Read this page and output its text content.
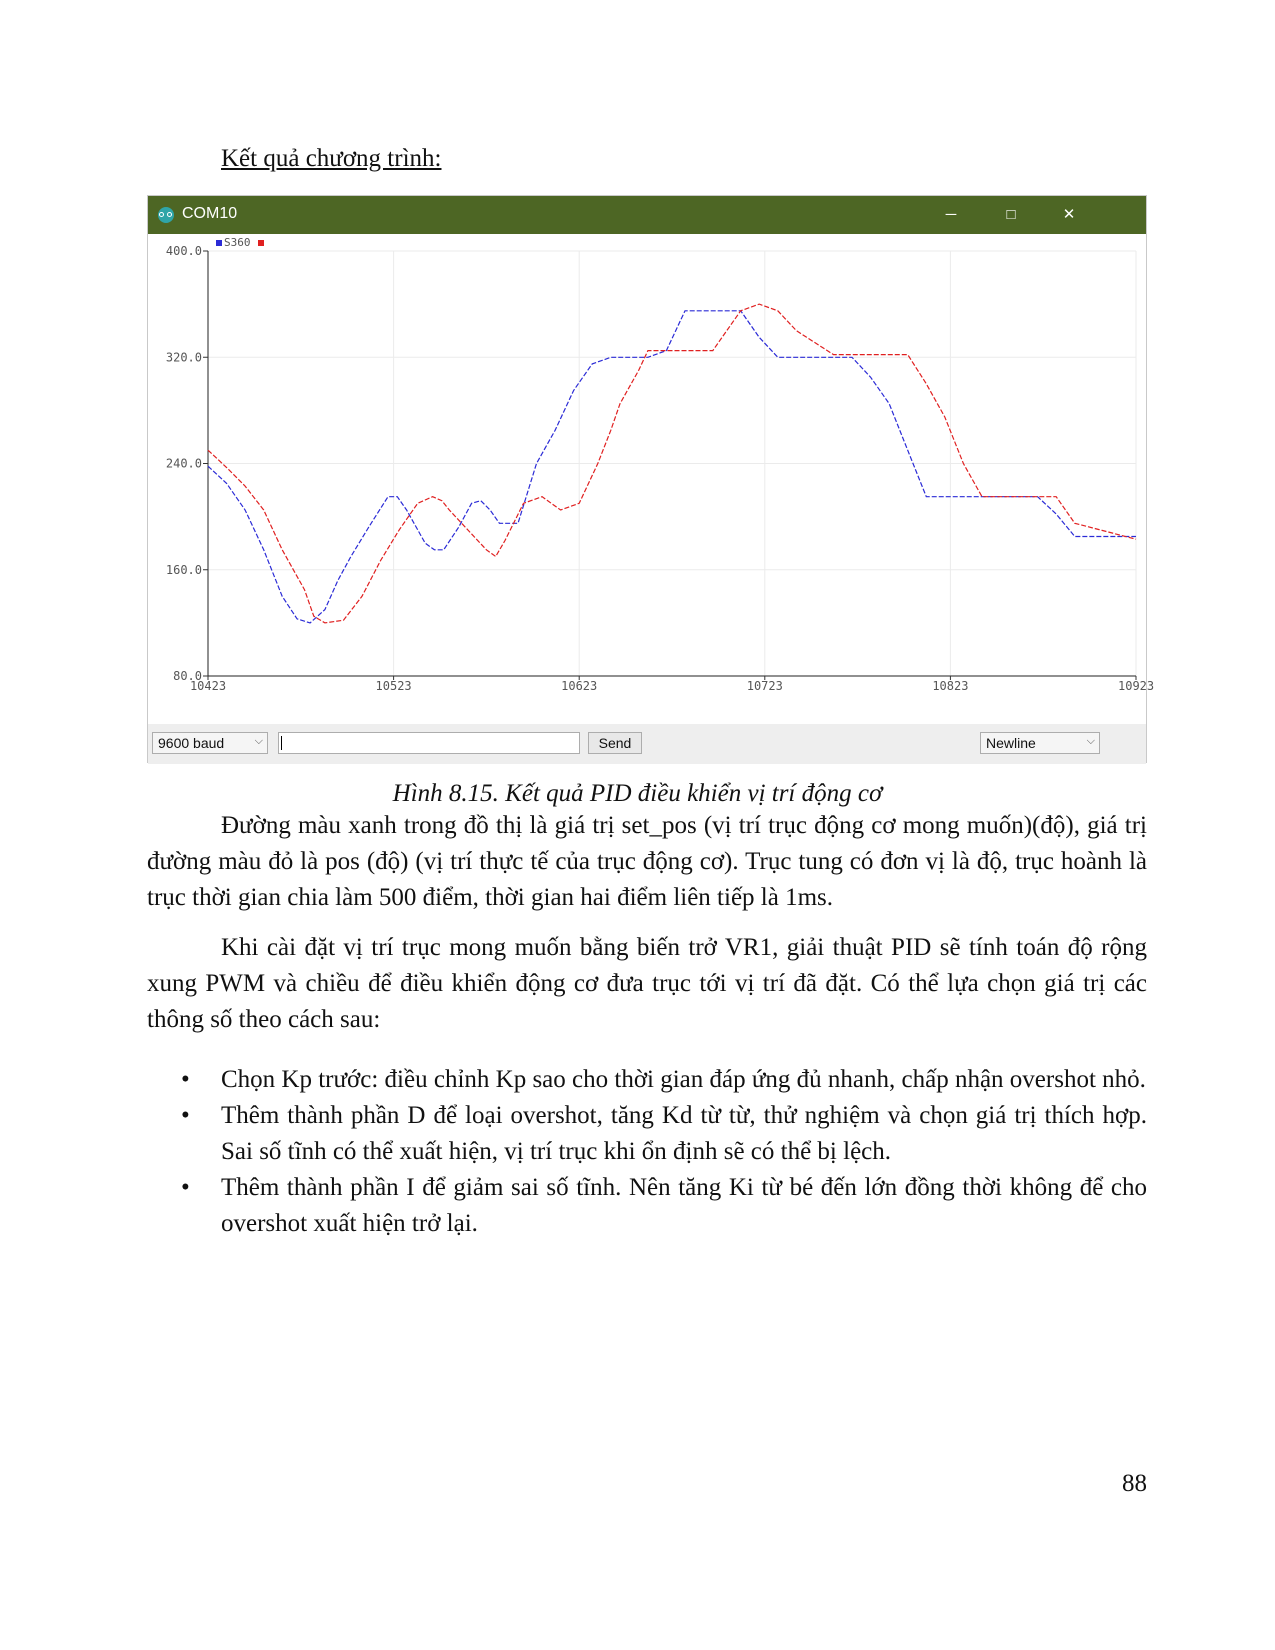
Kết quả chương trình:
COM10	─	□	✕
S360
80.0
160.0
240.0
320.0
400.0
10423	10523	10623	10723	10823	10923
9600 baud	⌵	Send	Newline	⌵
Hình 8.15. Kết quả PID điều khiển vị trí động cơ

Đường màu xanh trong đồ thị là giá trị set_pos (vị trí trục động cơ mong muốn)(độ), giá trị đường màu đỏ là pos (độ) (vị trí thực tế của trục động cơ). Trục tung có đơn vị là độ, trục hoành là trục thời gian chia làm 500 điểm, thời gian hai điểm liên tiếp là 1ms.

Khi cài đặt vị trí trục mong muốn bằng biến trở VR1, giải thuật PID sẽ tính toán độ rộng xung PWM và chiều để điều khiển động cơ đưa trục tới vị trí đã đặt. Có thể lựa chọn giá trị các thông số theo cách sau:

• Chọn Kp trước: điều chỉnh Kp sao cho thời gian đáp ứng đủ nhanh, chấp nhận overshot nhỏ.
• Thêm thành phần D để loại overshot, tăng Kd từ từ, thử nghiệm và chọn giá trị thích hợp. Sai số tĩnh có thể xuất hiện, vị trí trục khi ổn định sẽ có thể bị lệch.
• Thêm thành phần I để giảm sai số tĩnh. Nên tăng Ki từ bé đến lớn đồng thời không để cho overshot xuất hiện trở lại.
88
